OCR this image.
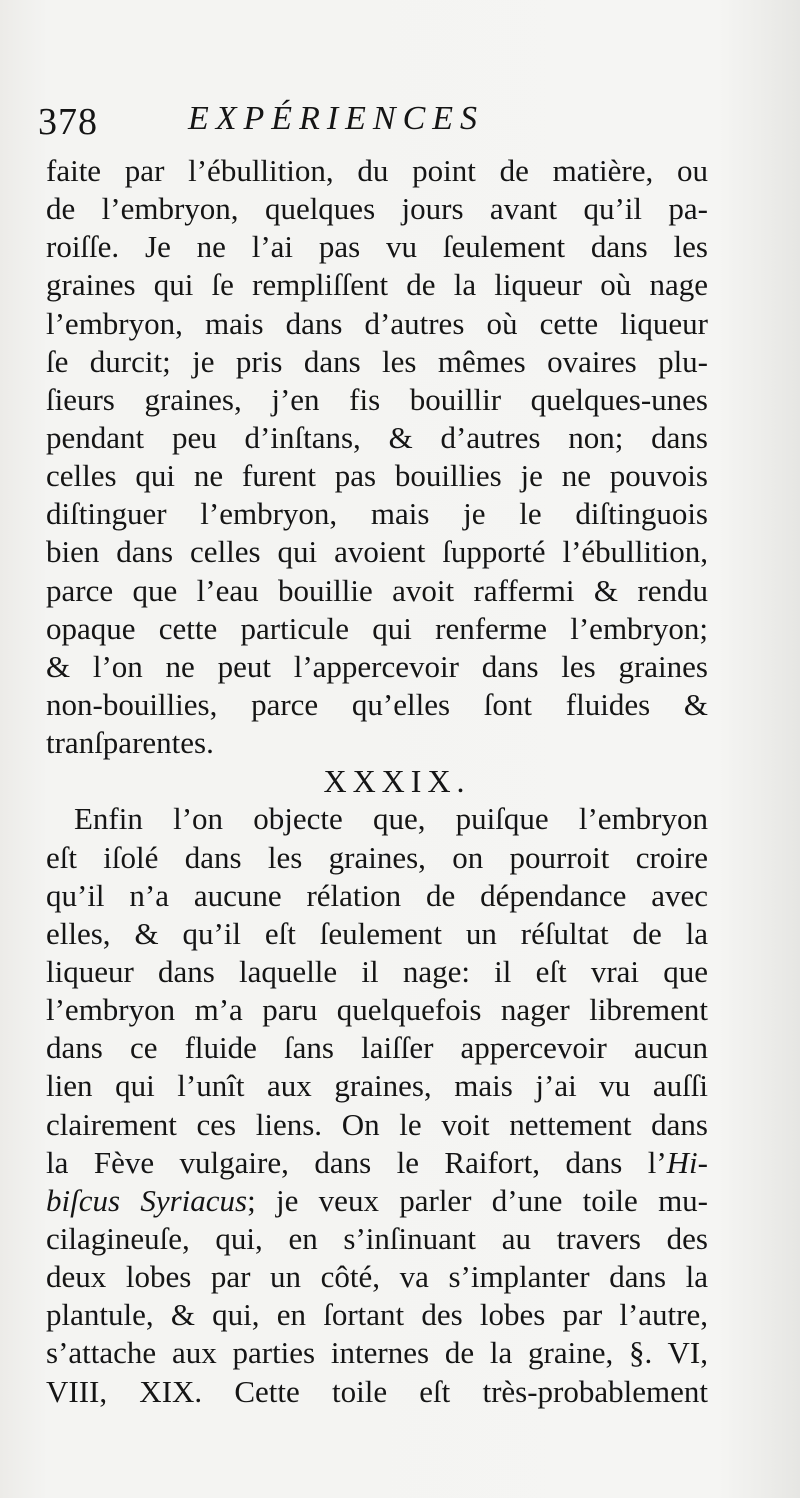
378	EXPÉRIENCES
faite par l’ébullition, du point de matière, ou
de l’embryon, quelques jours avant qu’il pa-
roiſſe. Je ne l’ai pas vu ſeulement dans les
graines qui ſe rempliſſent de la liqueur où nage
l’embryon, mais dans d’autres où cette liqueur
ſe durcit; je pris dans les mêmes ovaires plu-
ſieurs graines, j’en fis bouillir quelques-unes
pendant peu d’inſtans, & d’autres non; dans
celles qui ne furent pas bouillies je ne pouvois
diſtinguer l’embryon, mais je le diſtinguois
bien dans celles qui avoient ſupporté l’ébullition,
parce que l’eau bouillie avoit raffermi & rendu
opaque cette particule qui renferme l’embryon;
& l’on ne peut l’appercevoir dans les graines
non-bouillies, parce qu’elles ſont fluides &
tranſparentes.
XXXIX.
Enfin l’on objecte que, puiſque l’embryon
eſt iſolé dans les graines, on pourroit croire
qu’il n’a aucune rélation de dépendance avec
elles, & qu’il eſt ſeulement un réſultat de la
liqueur dans laquelle il nage: il eſt vrai que
l’embryon m’a paru quelquefois nager librement
dans ce fluide ſans laiſſer appercevoir aucun
lien qui l’unît aux graines, mais j’ai vu auſſi
clairement ces liens. On le voit nettement dans
la Fève vulgaire, dans le Raifort, dans l’Hi-
biſcus Syriacus; je veux parler d’une toile mu-
cilagineuſe, qui, en s’inſinuant au travers des
deux lobes par un côté, va s’implanter dans la
plantule, & qui, en ſortant des lobes par l’autre,
s’attache aux parties internes de la graine, §. VI,
VIII, XIX. Cette toile eſt très-probablement
